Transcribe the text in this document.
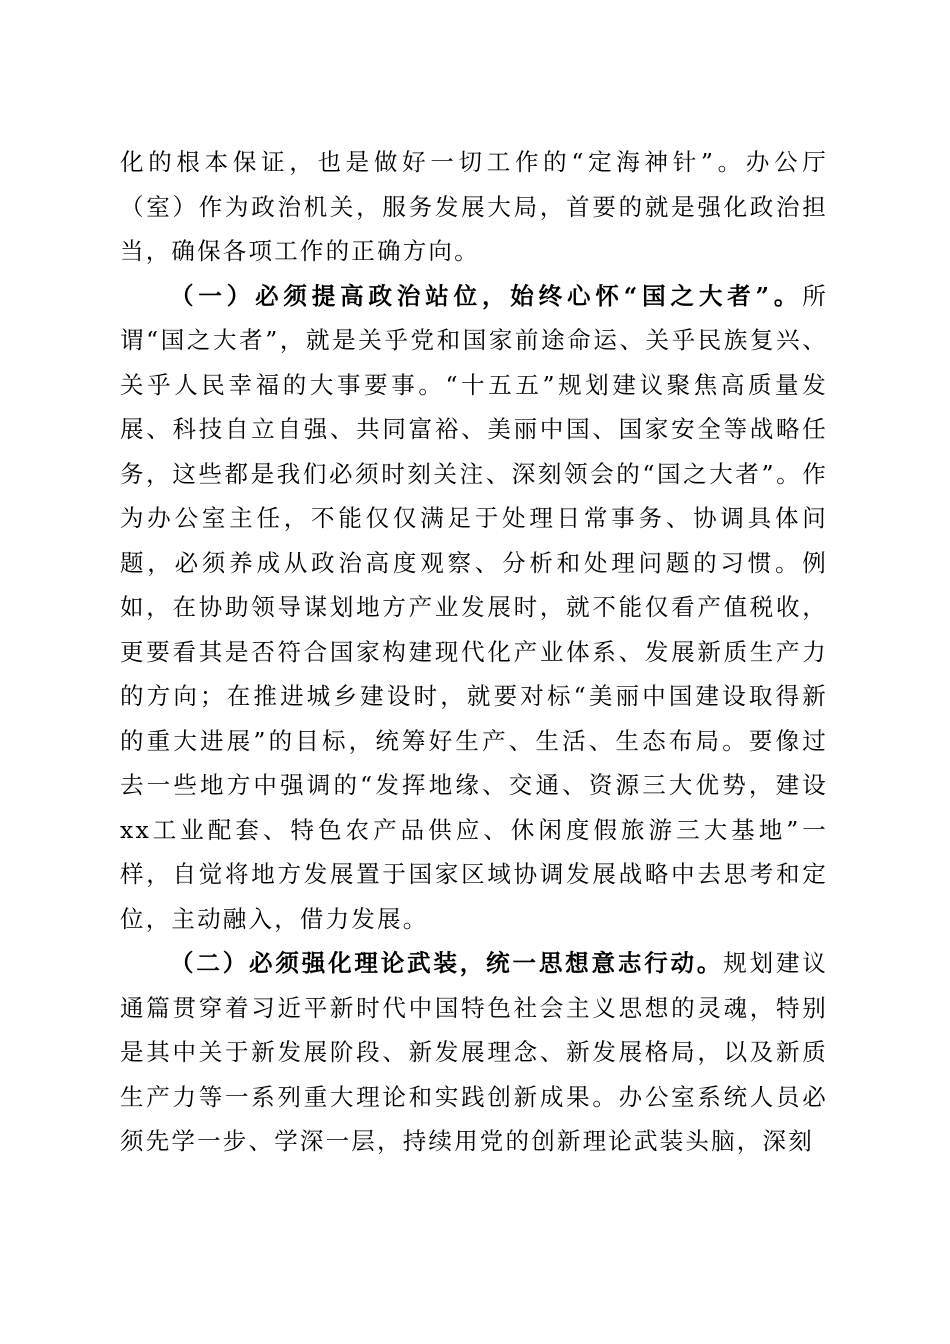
化的根本保证，也是做好一切工作的“定海神针”。办公厅（室）作为政治机关，服务发展大局，首要的就是强化政治担当，确保各项工作的正确方向。

（一）必须提高政治站位，始终心怀“国之大者”。所谓“国之大者”，就是关乎党和国家前途命运、关乎民族复兴、关乎人民幸福的大事要事。“十五五”规划建议聚焦高质量发展、科技自立自强、共同富裕、美丽中国、国家安全等战略任务，这些都是我们必须时刻关注、深刻领会的“国之大者”。作为办公室主任，不能仅仅满足于处理日常事务、协调具体问题，必须养成从政治高度观察、分析和处理问题的习惯。例如，在协助领导谋划地方产业发展时，就不能仅看产值税收，更要看其是否符合国家构建现代化产业体系、发展新质生产力的方向；在推进城乡建设时，就要对标“美丽中国建设取得新的重大进展”的目标，统筹好生产、生活、生态布局。要像过去一些地方中强调的“发挥地缘、交通、资源三大优势，建设xx工业配套、特色农产品供应、休闲度假旅游三大基地”一样，自觉将地方发展置于国家区域协调发展战略中去思考和定位，主动融入，借力发展。

（二）必须强化理论武装，统一思想意志行动。规划建议通篇贯穿着习近平新时代中国特色社会主义思想的灵魂，特别是其中关于新发展阶段、新发展理念、新发展格局，以及新质生产力等一系列重大理论和实践创新成果。办公室系统人员必须先学一步、学深一层，持续用党的创新理论武装头脑，深刻
